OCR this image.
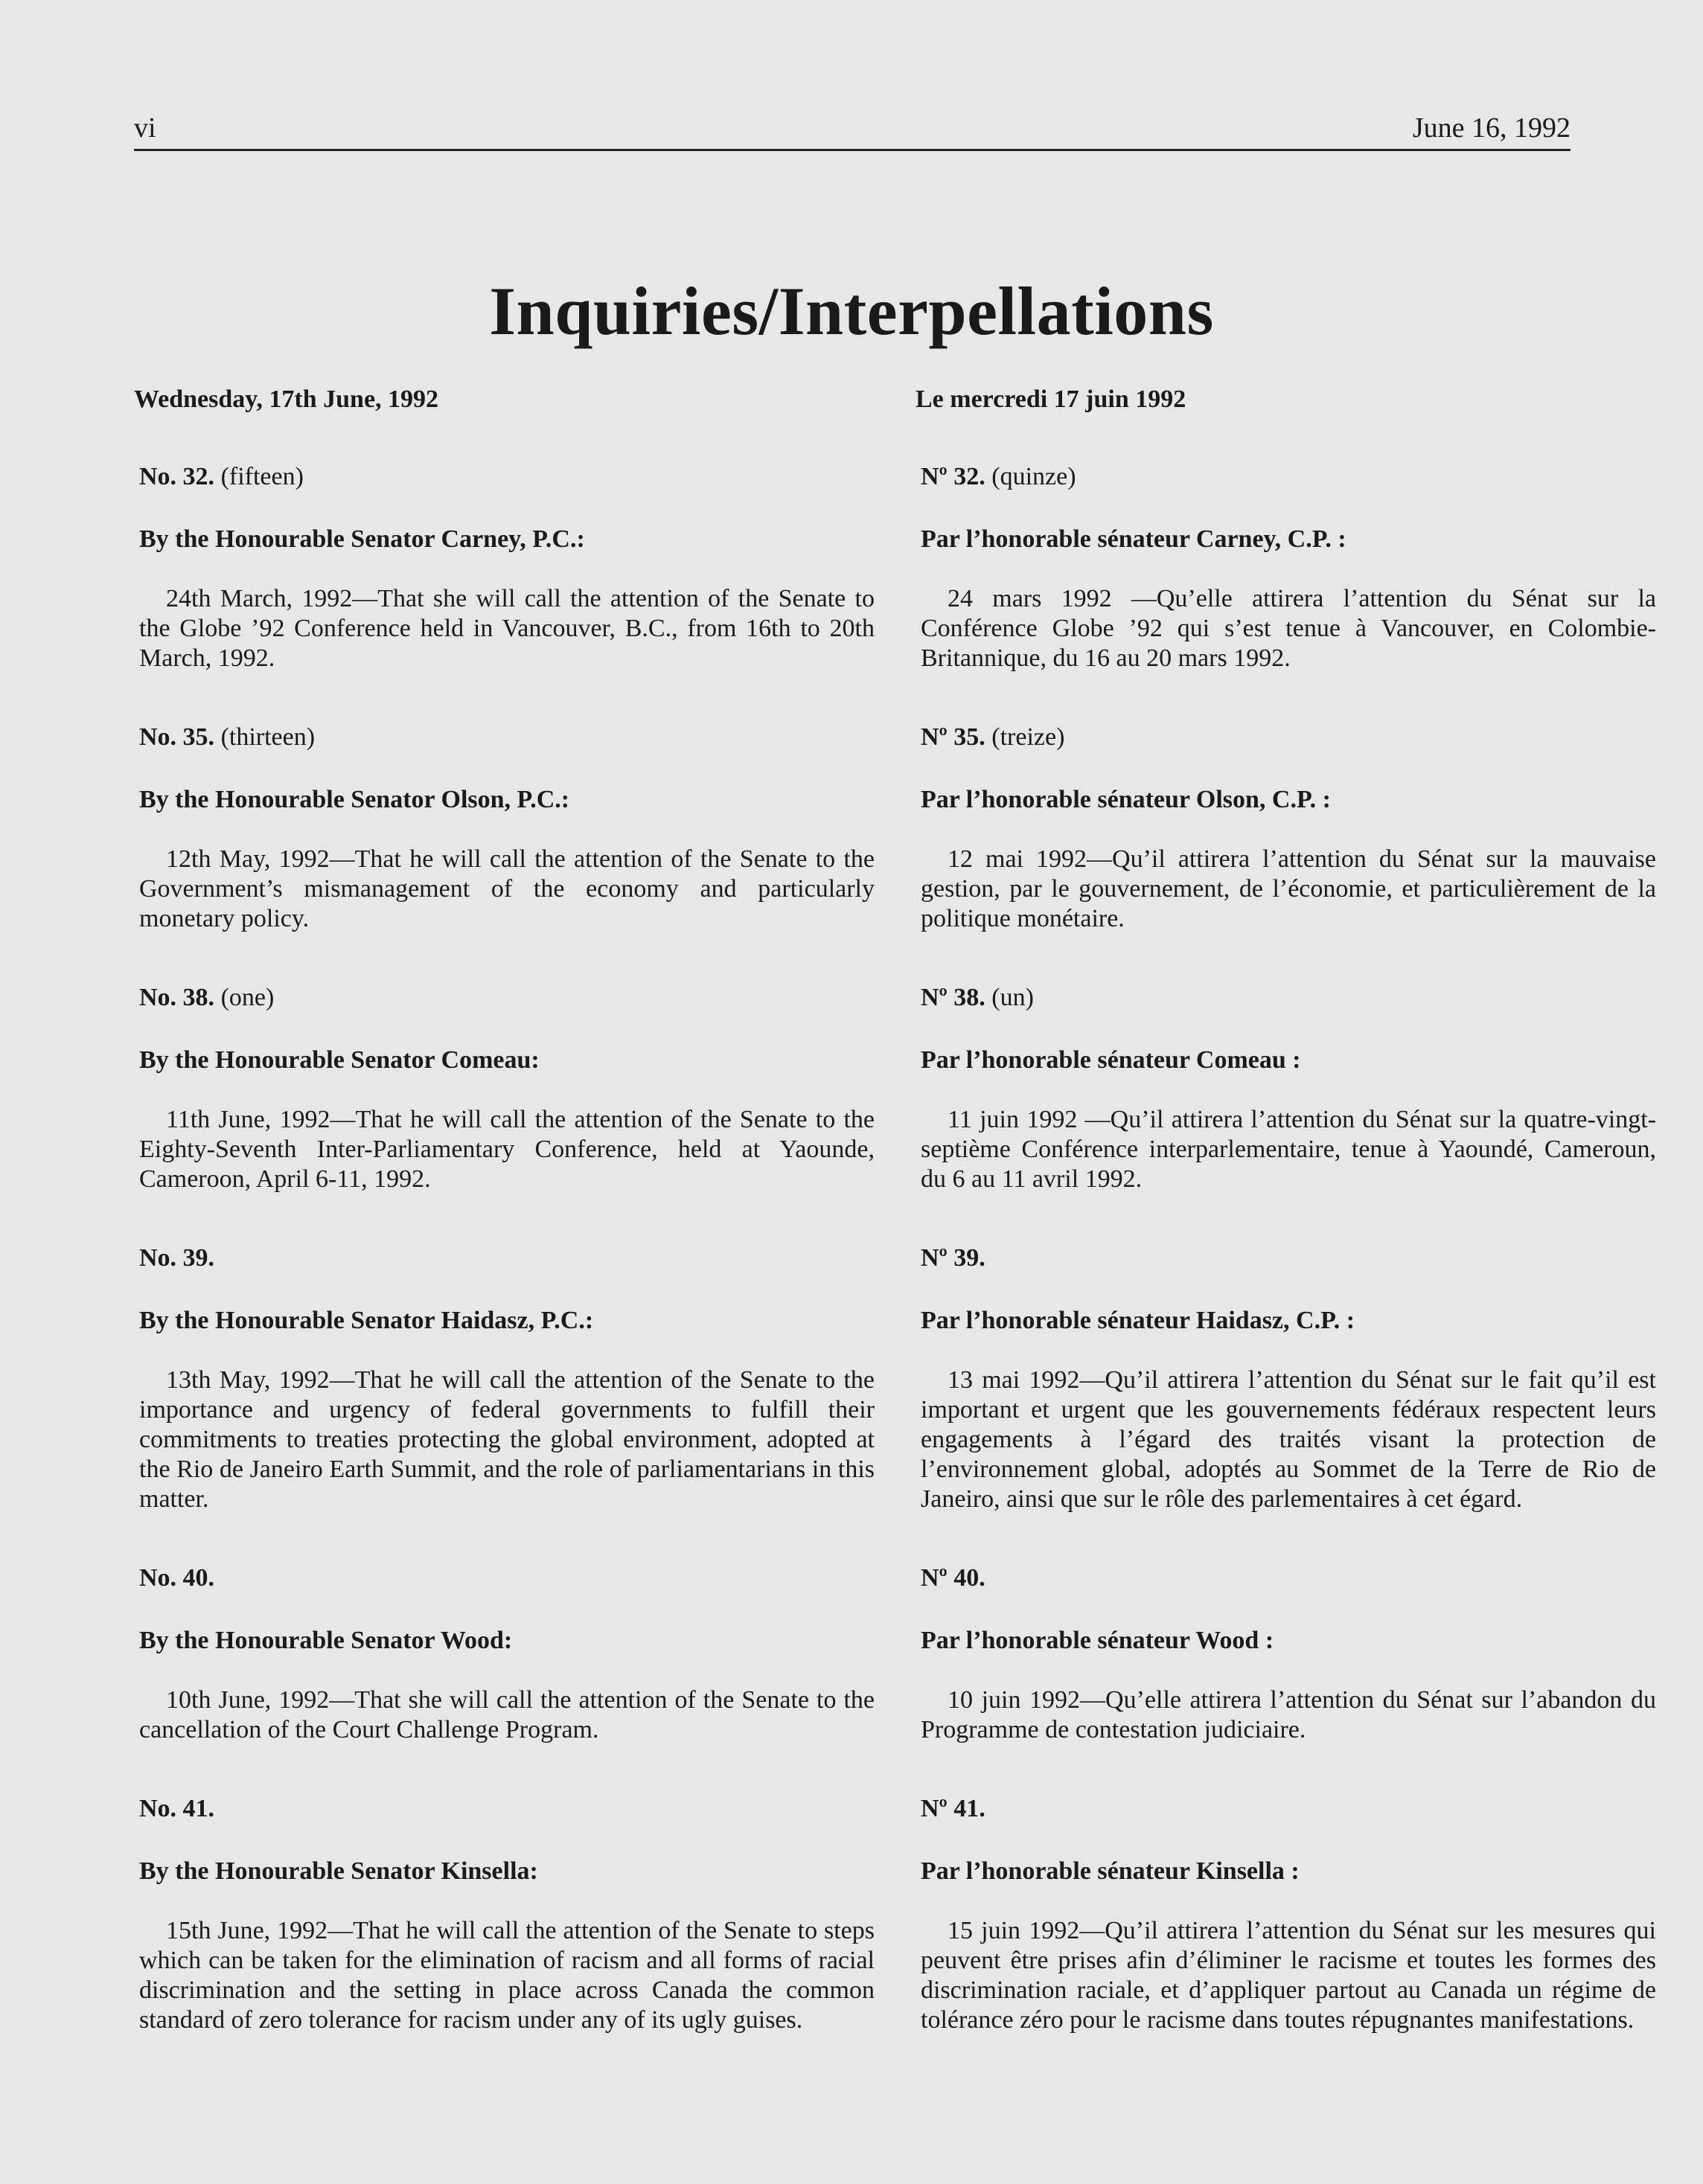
vi	June 16, 1992
Inquiries/Interpellations
Wednesday, 17th June, 1992
No. 32. (fifteen)
By the Honourable Senator Carney, P.C.:
24th March, 1992—That she will call the attention of the Senate to the Globe ’92 Conference held in Vancouver, B.C., from 16th to 20th March, 1992.
No. 35. (thirteen)
By the Honourable Senator Olson, P.C.:
12th May, 1992—That he will call the attention of the Senate to the Government’s mismanagement of the economy and particularly monetary policy.
No. 38. (one)
By the Honourable Senator Comeau:
11th June, 1992—That he will call the attention of the Senate to the Eighty-Seventh Inter-Parliamentary Conference, held at Yaounde, Cameroon, April 6-11, 1992.
No. 39.
By the Honourable Senator Haidasz, P.C.:
13th May, 1992—That he will call the attention of the Senate to the importance and urgency of federal governments to fulfill their commitments to treaties protecting the global environment, adopted at the Rio de Janeiro Earth Summit, and the role of parliamentarians in this matter.
No. 40.
By the Honourable Senator Wood:
10th June, 1992—That she will call the attention of the Senate to the cancellation of the Court Challenge Program.
No. 41.
By the Honourable Senator Kinsella:
15th June, 1992—That he will call the attention of the Senate to steps which can be taken for the elimination of racism and all forms of racial discrimination and the setting in place across Canada the common standard of zero tolerance for racism under any of its ugly guises.
Le mercredi 17 juin 1992
Nº 32. (quinze)
Par l’honorable sénateur Carney, C.P. :
24 mars 1992 —Qu’elle attirera l’attention du Sénat sur la Conférence Globe ’92 qui s’est tenue à Vancouver, en Colombie-Britannique, du 16 au 20 mars 1992.
Nº 35. (treize)
Par l’honorable sénateur Olson, C.P. :
12 mai 1992—Qu’il attirera l’attention du Sénat sur la mauvaise gestion, par le gouvernement, de l’économie, et particulièrement de la politique monétaire.
Nº 38. (un)
Par l’honorable sénateur Comeau :
11 juin 1992 —Qu’il attirera l’attention du Sénat sur la quatre-vingt-septième Conférence interparlementaire, tenue à Yaoundé, Cameroun, du 6 au 11 avril 1992.
Nº 39.
Par l’honorable sénateur Haidasz, C.P. :
13 mai 1992—Qu’il attirera l’attention du Sénat sur le fait qu’il est important et urgent que les gouvernements fédéraux respectent leurs engagements à l’égard des traités visant la protection de l’environnement global, adoptés au Sommet de la Terre de Rio de Janeiro, ainsi que sur le rôle des parlementaires à cet égard.
Nº 40.
Par l’honorable sénateur Wood :
10 juin 1992—Qu’elle attirera l’attention du Sénat sur l’abandon du Programme de contestation judiciaire.
Nº 41.
Par l’honorable sénateur Kinsella :
15 juin 1992—Qu’il attirera l’attention du Sénat sur les mesures qui peuvent être prises afin d’éliminer le racisme et toutes les formes des discrimination raciale, et d’appliquer partout au Canada un régime de tolérance zéro pour le racisme dans toutes répugnantes manifestations.
